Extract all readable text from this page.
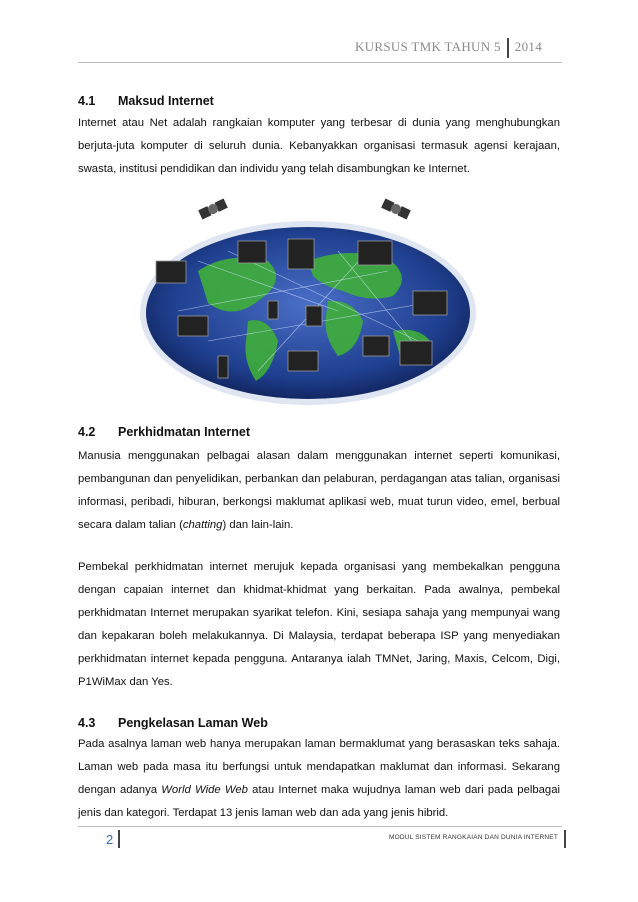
KURSUS TMK TAHUN 5 2014
4.1 Maksud Internet

Internet atau Net adalah rangkaian komputer yang terbesar di dunia yang menghubungkan berjuta-juta komputer di seluruh dunia. Kebanyakkan organisasi termasuk agensi kerajaan, swasta, institusi pendidikan dan individu yang telah disambungkan ke Internet.

4.2 Perkhidmatan Internet

Manusia menggunakan pelbagai alasan dalam menggunakan internet seperti komunikasi, pembangunan dan penyelidikan, perbankan dan pelaburan, perdagangan atas talian, organisasi informasi, peribadi, hiburan, berkongsi maklumat aplikasi web, muat turun video, emel, berbual secara dalam talian (chatting) dan lain-lain.

Pembekal perkhidmatan internet merujuk kepada organisasi yang membekalkan pengguna dengan capaian internet dan khidmat-khidmat yang berkaitan. Pada awalnya, pembekal perkhidmatan Internet merupakan syarikat telefon. Kini, sesiapa sahaja yang mempunyai wang dan kepakaran boleh melakukannya. Di Malaysia, terdapat beberapa ISP yang menyediakan perkhidmatan internet kepada pengguna. Antaranya ialah TMNet, Jaring, Maxis, Celcom, Digi, P1WiMax dan Yes.

4.3 Pengkelasan Laman Web

Pada asalnya laman web hanya merupakan laman bermaklumat yang berasaskan teks sahaja. Laman web pada masa itu berfungsi untuk mendapatkan maklumat dan informasi. Sekarang dengan adanya World Wide Web atau Internet maka wujudnya laman web dari pada pelbagai jenis dan kategori. Terdapat 13 jenis laman web dan ada yang jenis hibrid.

2	MODUL SISTEM RANGKAIAN DAN DUNIA INTERNET
